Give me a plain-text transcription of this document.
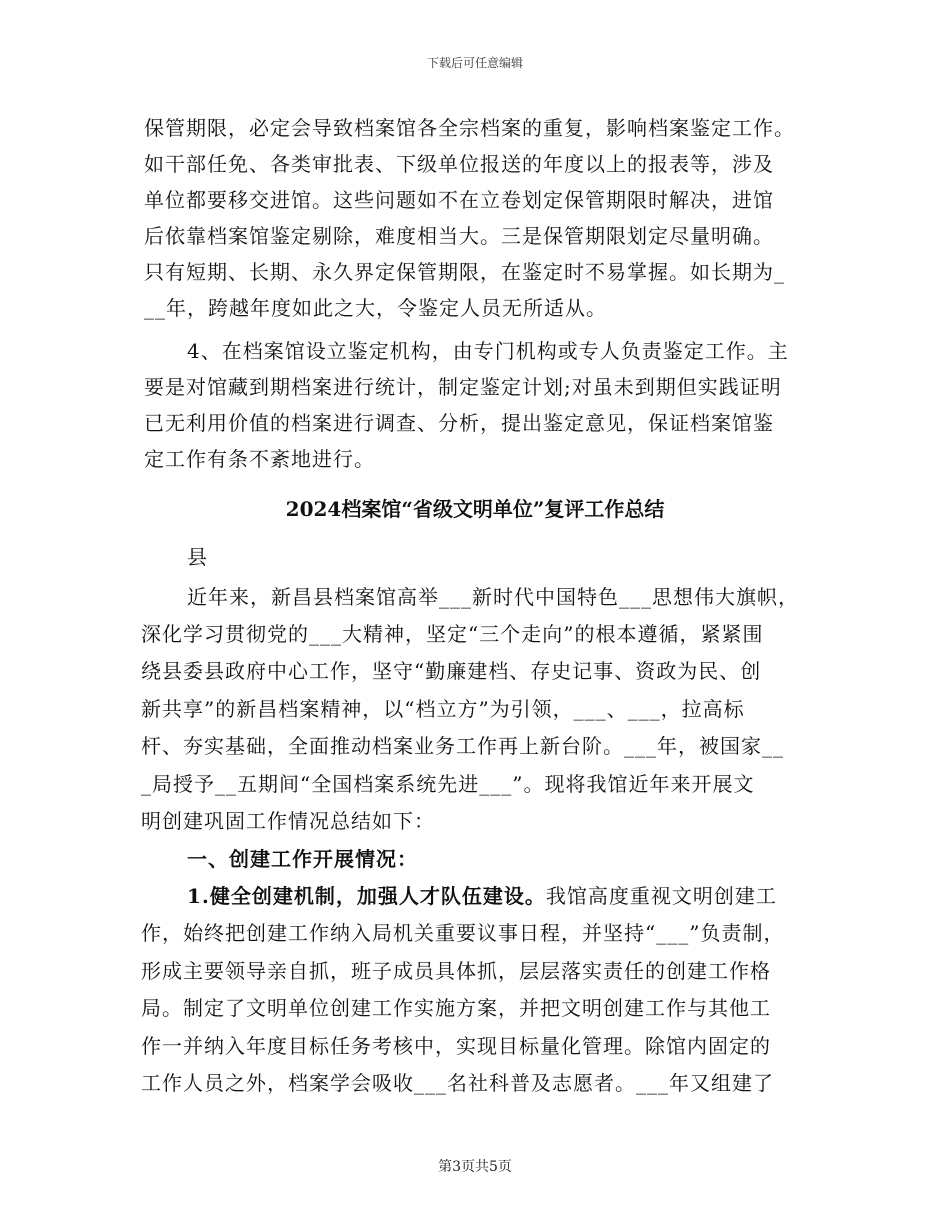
下载后可任意编辑
保管期限，必定会导致档案馆各全宗档案的重复，影响档案鉴定工作。
如干部任免、各类审批表、下级单位报送的年度以上的报表等，涉及
单位都要移交进馆。这些问题如不在立卷划定保管期限时解决，进馆
后依靠档案馆鉴定剔除，难度相当大。三是保管期限划定尽量明确。
只有短期、长期、永久界定保管期限，在鉴定时不易掌握。如长期为_
__年，跨越年度如此之大，令鉴定人员无所适从。
4、在档案馆设立鉴定机构，由专门机构或专人负责鉴定工作。主
要是对馆藏到期档案进行统计，制定鉴定计划;对虽未到期但实践证明
已无利用价值的档案进行调查、分析，提出鉴定意见，保证档案馆鉴
定工作有条不紊地进行。
2024档案馆“省级文明单位”复评工作总结
县
近年来，新昌县档案馆高举___新时代中国特色___思想伟大旗帜，
深化学习贯彻党的___大精神，坚定“三个走向”的根本遵循，紧紧围
绕县委县政府中心工作，坚守“勤廉建档、存史记事、资政为民、创
新共享”的新昌档案精神，以“档立方”为引领，___、___，拉高标
杆、夯实基础，全面推动档案业务工作再上新台阶。___年，被国家__
_局授予__五期间“全国档案系统先进___”。现将我馆近年来开展文
明创建巩固工作情况总结如下：
一、创建工作开展情况：
1.健全创建机制，加强人才队伍建设。我馆高度重视文明创建工
作，始终把创建工作纳入局机关重要议事日程，并坚持“___”负责制，
形成主要领导亲自抓，班子成员具体抓，层层落实责任的创建工作格
局。制定了文明单位创建工作实施方案，并把文明创建工作与其他工
作一并纳入年度目标任务考核中，实现目标量化管理。除馆内固定的
工作人员之外，档案学会吸收___名社科普及志愿者。___年又组建了
第3页共5页
